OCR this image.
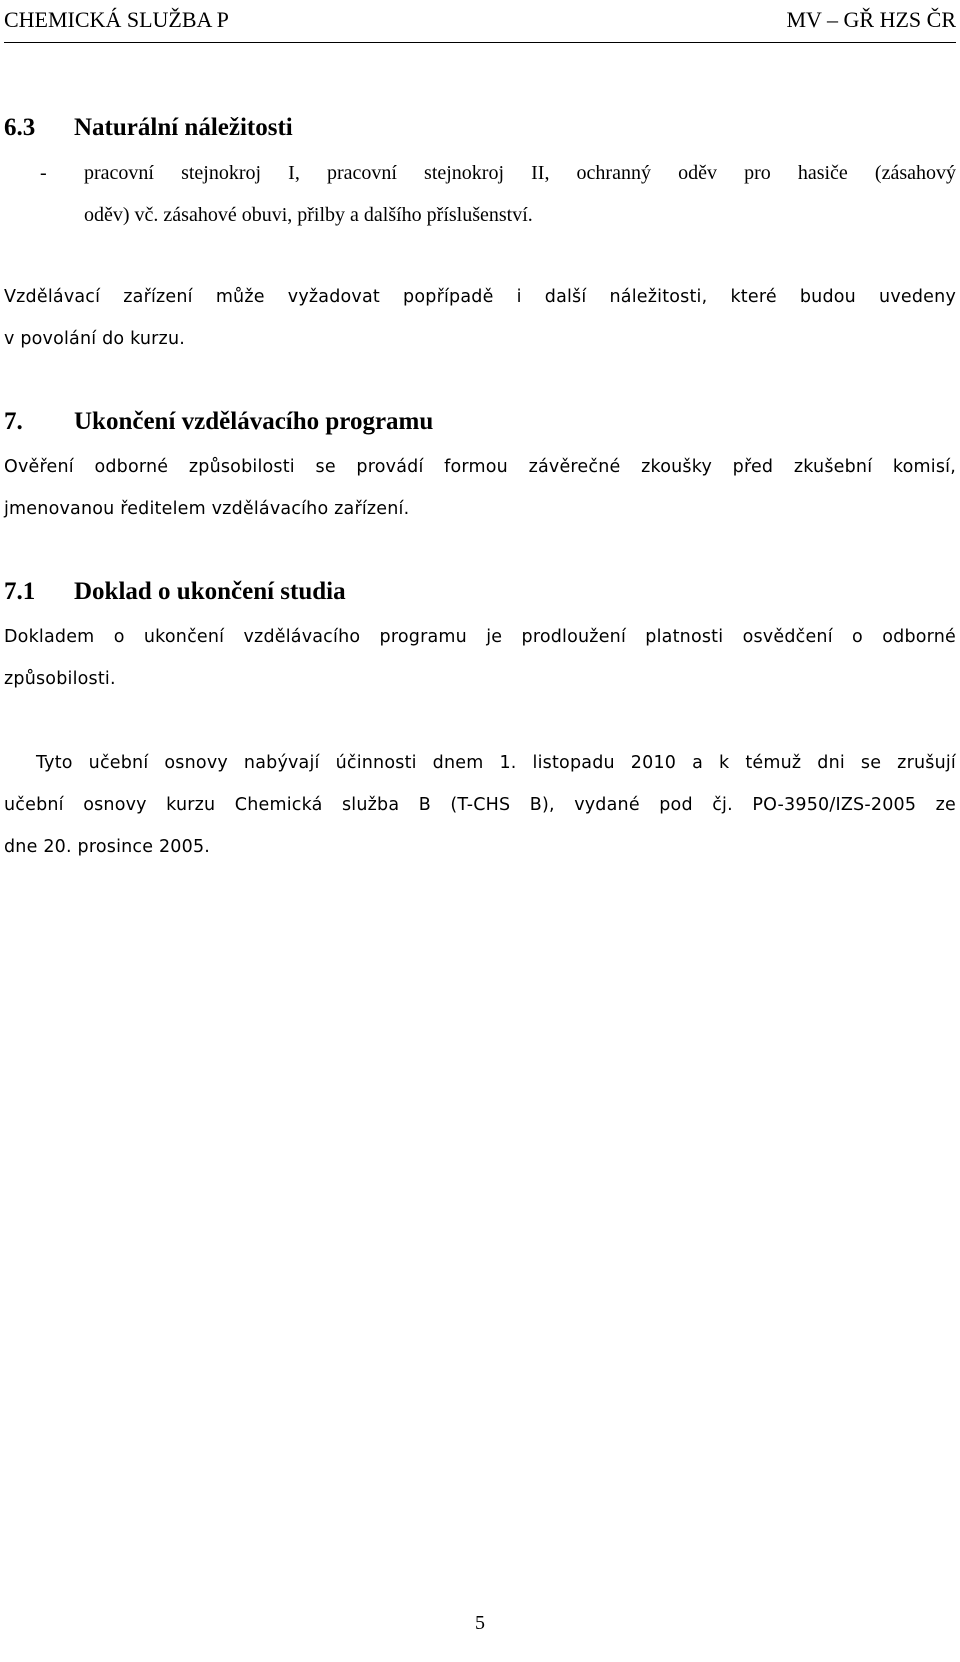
CHEMICKÁ SLUŽBA P	MV – GŘ HZS ČR
6.3 Naturální náležitosti
- pracovní stejnokroj I, pracovní stejnokroj II, ochranný oděv pro hasiče (zásahový
oděv) vč. zásahové obuvi, přilby a dalšího příslušenství.
Vzdělávací zařízení může vyžadovat popřípadě i další náležitosti, které budou uvedeny
v povolání do kurzu.
7. Ukončení vzdělávacího programu
Ověření odborné způsobilosti se provádí formou závěrečné zkoušky před zkušební komisí,
jmenovanou ředitelem vzdělávacího zařízení.
7.1 Doklad o ukončení studia
Dokladem o ukončení vzdělávacího programu je prodloužení platnosti osvědčení o odborné
způsobilosti.
Tyto učební osnovy nabývají účinnosti dnem 1. listopadu 2010 a k témuž dni se zrušují
učební osnovy kurzu Chemická služba B (T-CHS B), vydané pod čj. PO-3950/IZS-2005 ze
dne 20. prosince 2005.
5
